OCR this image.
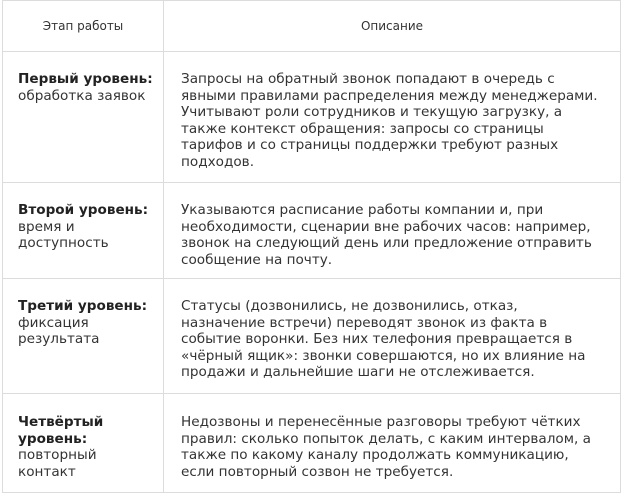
Этап работы	Описание
Первый уровень: обработка заявок	Запросы на обратный звонок попадают в очередь с явными правилами распределения между менеджерами. Учитывают роли сотрудников и текущую загрузку, а также контекст обращения: запросы со страницы тарифов и со страницы поддержки требуют разных подходов.
Второй уровень: время и доступность	Указываются расписание работы компании и, при необходимости, сценарии вне рабочих часов: например, звонок на следующий день или предложение отправить сообщение на почту.
Третий уровень: фиксация результата	Статусы (дозвонились, не дозвонились, отказ, назначение встречи) переводят звонок из факта в событие воронки. Без них телефония превращается в «чёрный ящик»: звонки совершаются, но их влияние на продажи и дальнейшие шаги не отслеживается.
Четвёртый уровень: повторный контакт	Недозвоны и перенесённые разговоры требуют чётких правил: сколько попыток делать, с каким интервалом, а также по какому каналу продолжать коммуникацию, если повторный созвон не требуется.
